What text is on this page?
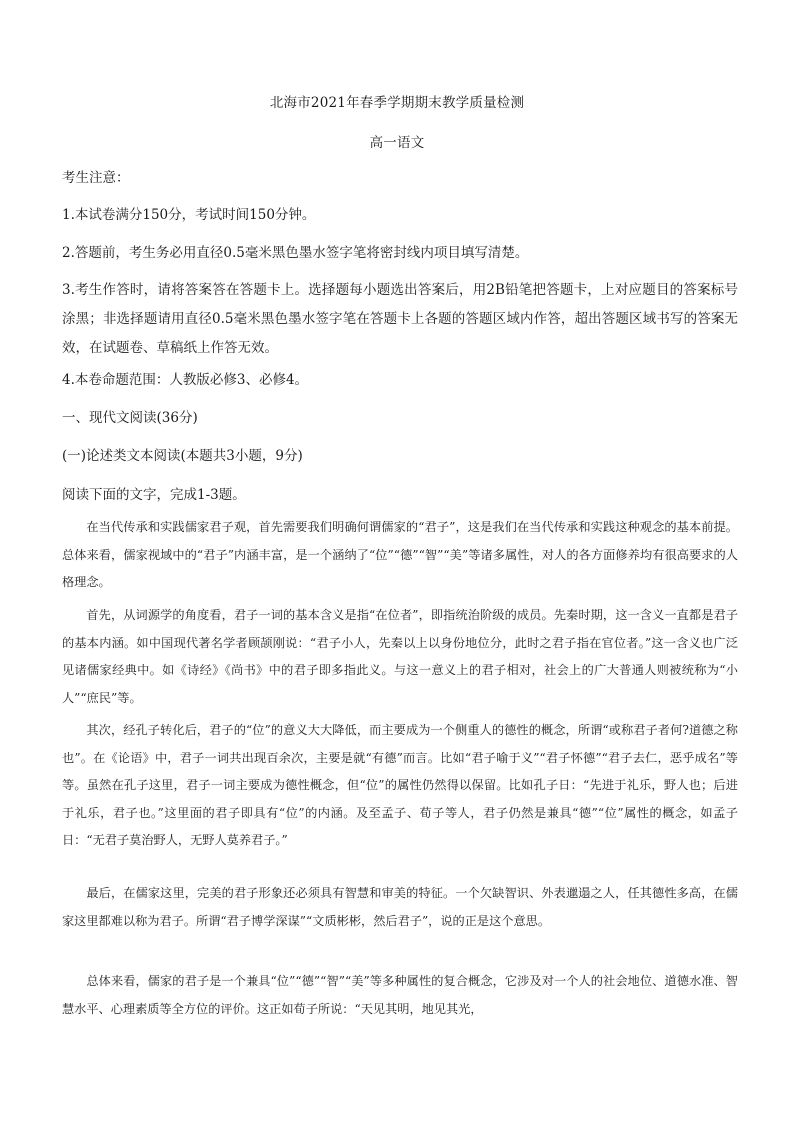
北海市2021年春季学期期末教学质量检测
高一语文
考生注意：
1.本试卷满分150分，考试时间150分钟。
2.答题前，考生务必用直径0.5毫米黑色墨水签字笔将密封线内项目填写清楚。
3.考生作答时，请将答案答在答题卡上。选择题每小题选出答案后，用2B铅笔把答题卡，上对应题目的答案标号涂黑；非选择题请用直径0.5毫米黑色墨水签字笔在答题卡上各题的答题区域内作答，超出答题区域书写的答案无效，在试题卷、草稿纸上作答无效。
4.本卷命题范围：人教版必修3、必修4。
一、现代文阅读(36分)
(一)论述类文本阅读(本题共3小题，9分)
阅读下面的文字，完成1-3题。
在当代传承和实践儒家君子观，首先需要我们明确何谓儒家的“君子”，这是我们在当代传承和实践这种观念的基本前提。总体来看，儒家视域中的“君子”内涵丰富，是一个涵纳了“位”“德”“智”“美”等诸多属性，对人的各方面修养均有很高要求的人格理念。
首先，从词源学的角度看，君子一词的基本含义是指“在位者”，即指统治阶级的成员。先秦时期，这一含义一直都是君子的基本内涵。如中国现代著名学者顾颉刚说：“君子小人，先秦以上以身份地位分，此时之君子指在官位者。”这一含义也广泛见诸儒家经典中。如《诗经》《尚书》中的君子即多指此义。与这一意义上的君子相对，社会上的广大普通人则被统称为“小人”“庶民”等。
其次，经孔子转化后，君子的“位”的意义大大降低，而主要成为一个侧重人的德性的概念，所谓“或称君子者何?道德之称也”。在《论语》中，君子一词共出现百余次，主要是就“有德”而言。比如“君子喻于义”“君子怀德”“君子去仁，恶乎成名”等等。虽然在孔子这里，君子一词主要成为德性概念，但“位”的属性仍然得以保留。比如孔子日：“先进于礼乐，野人也；后进于礼乐，君子也。”这里面的君子即具有“位”的内涵。及至孟子、荀子等人，君子仍然是兼具“德”“位”属性的概念，如孟子日：“无君子莫治野人，无野人莫养君子。”
最后，在儒家这里，完美的君子形象还必须具有智慧和审美的特征。一个欠缺智识、外表邋遢之人，任其德性多高，在儒家这里都难以称为君子。所谓“君子博学深谋”“文质彬彬，然后君子”，说的正是这个意思。
总体来看，儒家的君子是一个兼具“位”“德”“智”“美”等多种属性的复合概念，它涉及对一个人的社会地位、道德水准、智慧水平、心理素质等全方位的评价。这正如荀子所说：“天见其明，地见其光，
